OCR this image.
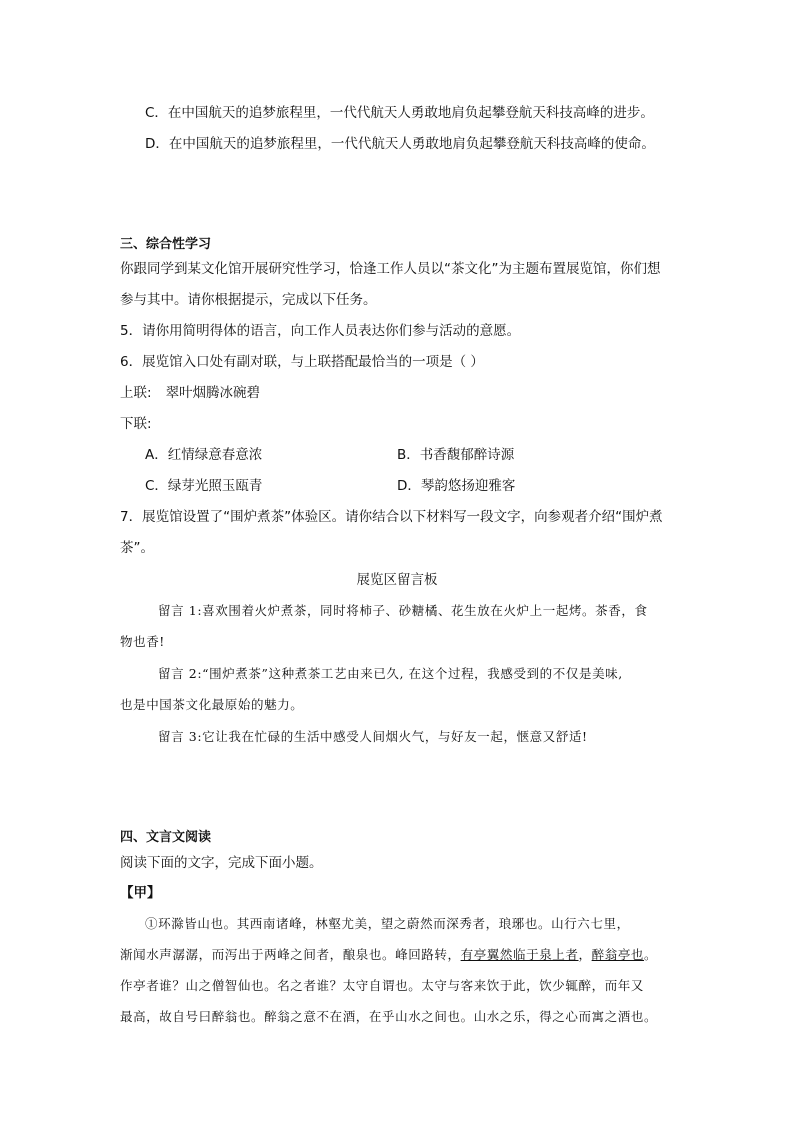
C．在中国航天的追梦旅程里，一代代航天人勇敢地肩负起攀登航天科技高峰的进步。
D．在中国航天的追梦旅程里，一代代航天人勇敢地肩负起攀登航天科技高峰的使命。
三、综合性学习
你跟同学到某文化馆开展研究性学习，恰逢工作人员以“茶文化”为主题布置展览馆，你们想
参与其中。请你根据提示，完成以下任务。
5．请你用简明得体的语言，向工作人员表达你们参与活动的意愿。
6．展览馆入口处有副对联，与上联搭配最恰当的一项是（ ）
上联: 翠叶烟腾冰碗碧
下联:
A．红情绿意春意浓	B．书香馥郁醉诗源
C．绿芽光照玉瓯青	D．琴韵悠扬迎雅客
7．展览馆设置了“围炉煮茶”体验区。请你结合以下材料写一段文字，向参观者介绍“围炉煮
茶”。
展览区留言板
留言 1:喜欢围着火炉煮茶，同时将柿子、砂糖橘、花生放在火炉上一起烤。茶香，食
物也香!
留言 2:“围炉煮茶”这种煮茶工艺由来已久, 在这个过程，我感受到的不仅是美味,
也是中国茶文化最原始的魅力。
留言 3:它让我在忙碌的生活中感受人间烟火气，与好友一起，惬意又舒适!
四、文言文阅读
阅读下面的文字，完成下面小题。
【甲】
①环滁皆山也。其西南诸峰，林壑尤美，望之蔚然而深秀者，琅琊也。山行六七里，
渐闻水声潺潺，而泻出于两峰之间者，酿泉也。峰回路转，有亭翼然临于泉上者，醉翁亭也。
作亭者谁？山之僧智仙也。名之者谁？太守自谓也。太守与客来饮于此，饮少辄醉，而年又
最高，故自号曰醉翁也。醉翁之意不在酒，在乎山水之间也。山水之乐，得之心而寓之酒也。
